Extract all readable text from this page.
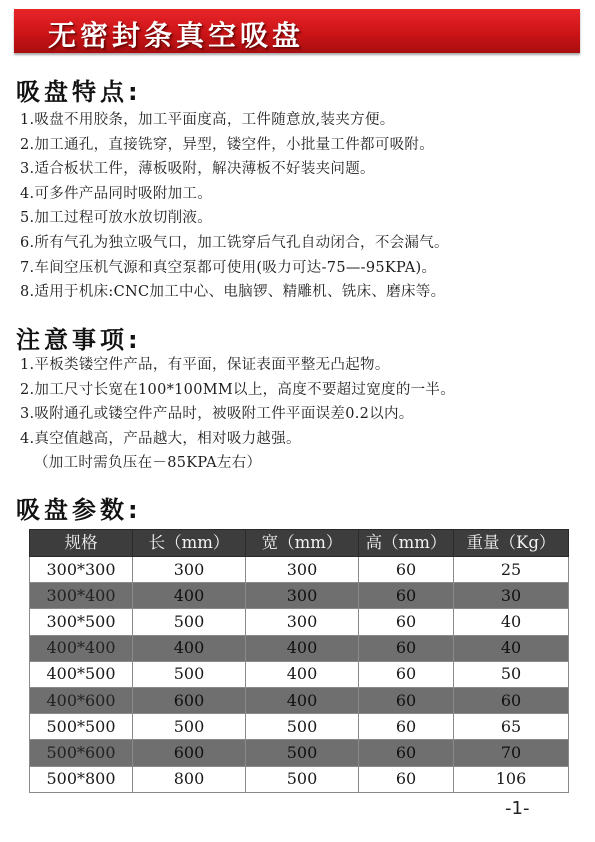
无密封条真空吸盘
吸盘特点:
1.吸盘不用胶条，加工平面度高，工件随意放,装夹方便。
2.加工通孔，直接铣穿，异型，镂空件，小批量工件都可吸附。
3.适合板状工件，薄板吸附，解决薄板不好装夹问题。
4.可多件产品同时吸附加工。
5.加工过程可放水放切削液。
6.所有气孔为独立吸气口，加工铣穿后气孔自动闭合，不会漏气。
7.车间空压机气源和真空泵都可使用(吸力可达-75—-95KPA)。
8.适用于机床:CNC加工中心、电脑锣、精雕机、铣床、磨床等。
注意事项:
1.平板类镂空件产品，有平面，保证表面平整无凸起物。
2.加工尺寸长宽在100*100MM以上，高度不要超过宽度的一半。
3.吸附通孔或镂空件产品时，被吸附工件平面误差0.2以内。
4.真空值越高，产品越大，相对吸力越强。
（加工时需负压在－85KPA左右）
吸盘参数:
规格	长（mm）	宽（mm）	高（mm）	重量（Kg）
300*300	300	300	60	25
300*400	400	300	60	30
300*500	500	300	60	40
400*400	400	400	60	40
400*500	500	400	60	50
400*600	600	400	60	60
500*500	500	500	60	65
500*600	600	500	60	70
500*800	800	500	60	106
-1-
